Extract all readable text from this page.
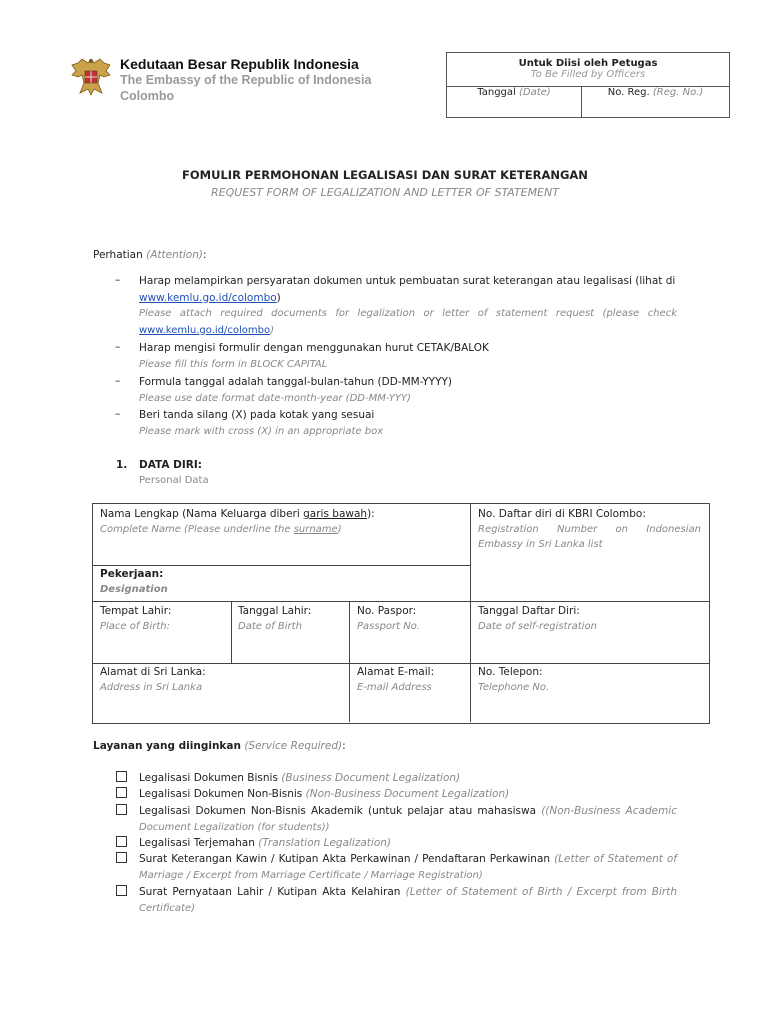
Kedutaan Besar Republik Indonesia
The Embassy of the Republic of Indonesia
Colombo
Untuk Diisi oleh Petugas
To Be Filled by Officers
Tanggal (Date)	No. Reg. (Reg. No.)
FOMULIR PERMOHONAN LEGALISASI DAN SURAT KETERANGAN
REQUEST FORM OF LEGALIZATION AND LETTER OF STATEMENT
Perhatian (Attention):
– Harap melampirkan persyaratan dokumen untuk pembuatan surat keterangan atau legalisasi (lihat di
www.kemlu.go.id/colombo)
Please attach required documents for legalization or letter of statement request (please check
www.kemlu.go.id/colombo)
– Harap mengisi formulir dengan menggunakan hurut CETAK/BALOK
Please fill this form in BLOCK CAPITAL
– Formula tanggal adalah tanggal-bulan-tahun (DD-MM-YYYY)
Please use date format date-month-year (DD-MM-YYY)
– Beri tanda silang (X) pada kotak yang sesuai
Please mark with cross (X) in an appropriate box
1. DATA DIRI:
Personal Data
Nama Lengkap (Nama Keluarga diberi garis bawah):
Complete Name (Please underline the surname)
No. Daftar diri di KBRI Colombo:
Registration Number on Indonesian Embassy in Sri Lanka list
Pekerjaan:
Designation
Tempat Lahir:
Place of Birth:
Tanggal Lahir:
Date of Birth
No. Paspor:
Passport No.
Tanggal Daftar Diri:
Date of self-registration
Alamat di Sri Lanka:
Address in Sri Lanka
Alamat E-mail:
E-mail Address
No. Telepon:
Telephone No.
Layanan yang diinginkan (Service Required):
Legalisasi Dokumen Bisnis (Business Document Legalization)
Legalisasi Dokumen Non-Bisnis (Non-Business Document Legalization)
Legalisasi Dokumen Non-Bisnis Akademik (untuk pelajar atau mahasiswa ((Non-Business Academic
Document Legalization (for students))
Legalisasi Terjemahan (Translation Legalization)
Surat Keterangan Kawin / Kutipan Akta Perkawinan / Pendaftaran Perkawinan (Letter of Statement of
Marriage / Excerpt from Marriage Certificate / Marriage Registration)
Surat Pernyataan Lahir / Kutipan Akta Kelahiran (Letter of Statement of Birth / Excerpt from Birth
Certificate)
